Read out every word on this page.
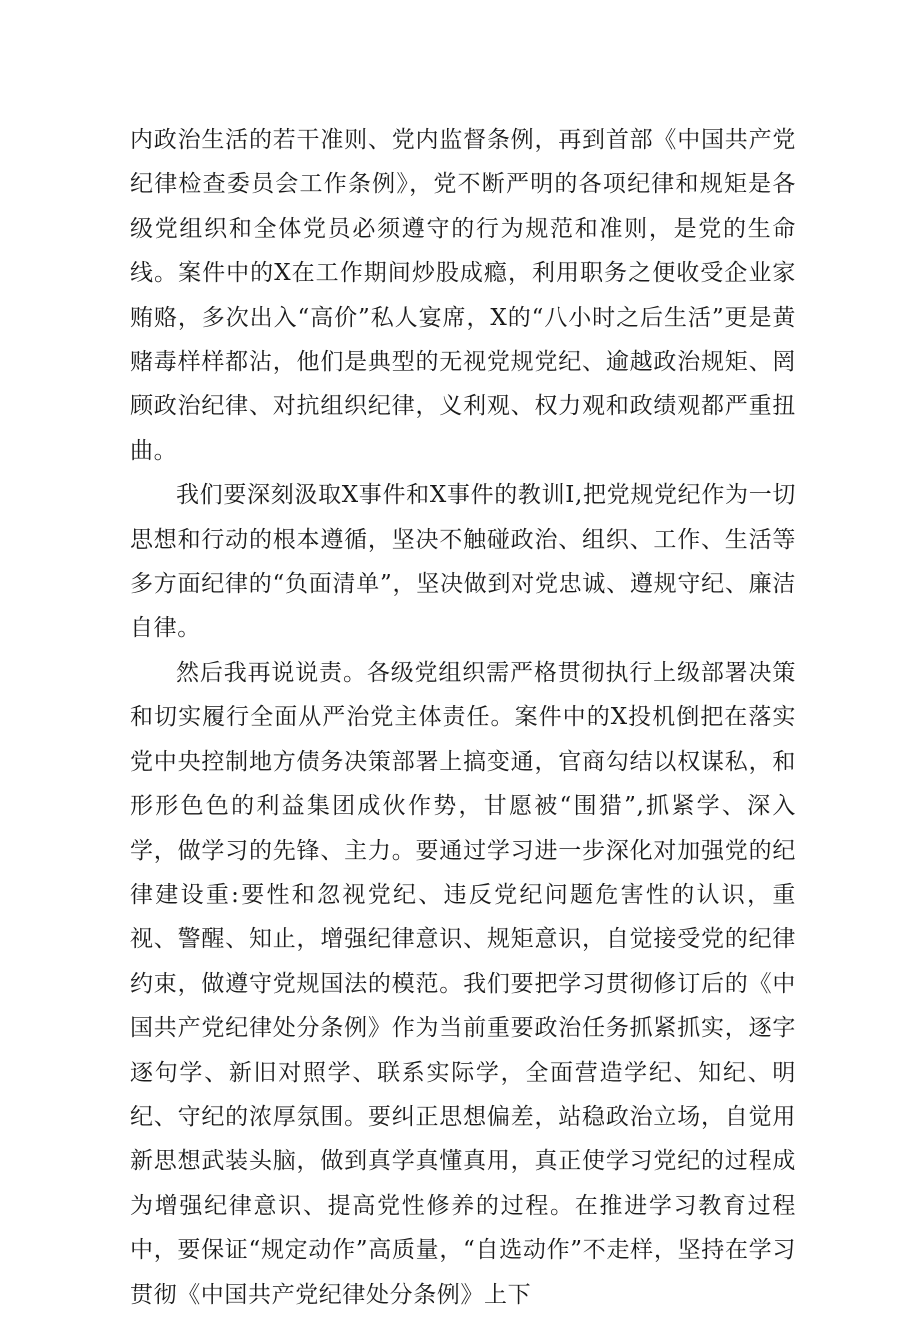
内政治生活的若干准则、党内监督条例，再到首部《中国共产党纪律检查委员会工作条例》，党不断严明的各项纪律和规矩是各级党组织和全体党员必须遵守的行为规范和准则，是党的生命线。案件中的X在工作期间炒股成瘾，利用职务之便收受企业家贿赂，多次出入“高价”私人宴席，X的“八小时之后生活”更是黄赌毒样样都沾，他们是典型的无视党规党纪、逾越政治规矩、罔顾政治纪律、对抗组织纪律，义利观、权力观和政绩观都严重扭曲。

我们要深刻汲取X事件和X事件的教训I,把党规党纪作为一切思想和行动的根本遵循，坚决不触碰政治、组织、工作、生活等多方面纪律的“负面清单”，坚决做到对党忠诚、遵规守纪、廉洁自律。

然后我再说说责。各级党组织需严格贯彻执行上级部署决策和切实履行全面从严治党主体责任。案件中的X投机倒把在落实党中央控制地方债务决策部署上搞变通，官商勾结以权谋私，和形形色色的利益集团成伙作势，甘愿被“围猎”,抓紧学、深入学，做学习的先锋、主力。要通过学习进一步深化对加强党的纪律建设重:要性和忽视党纪、违反党纪问题危害性的认识，重视、警醒、知止，增强纪律意识、规矩意识，自觉接受党的纪律约束，做遵守党规国法的模范。我们要把学习贯彻修订后的《中国共产党纪律处分条例》作为当前重要政治任务抓紧抓实，逐字逐句学、新旧对照学、联系实际学，全面营造学纪、知纪、明纪、守纪的浓厚氛围。要纠正思想偏差，站稳政治立场，自觉用新思想武装头脑，做到真学真懂真用，真正使学习党纪的过程成为增强纪律意识、提高党性修养的过程。在推进学习教育过程中，要保证“规定动作”高质量，“自选动作”不走样，坚持在学习贯彻《中国共产党纪律处分条例》上下
